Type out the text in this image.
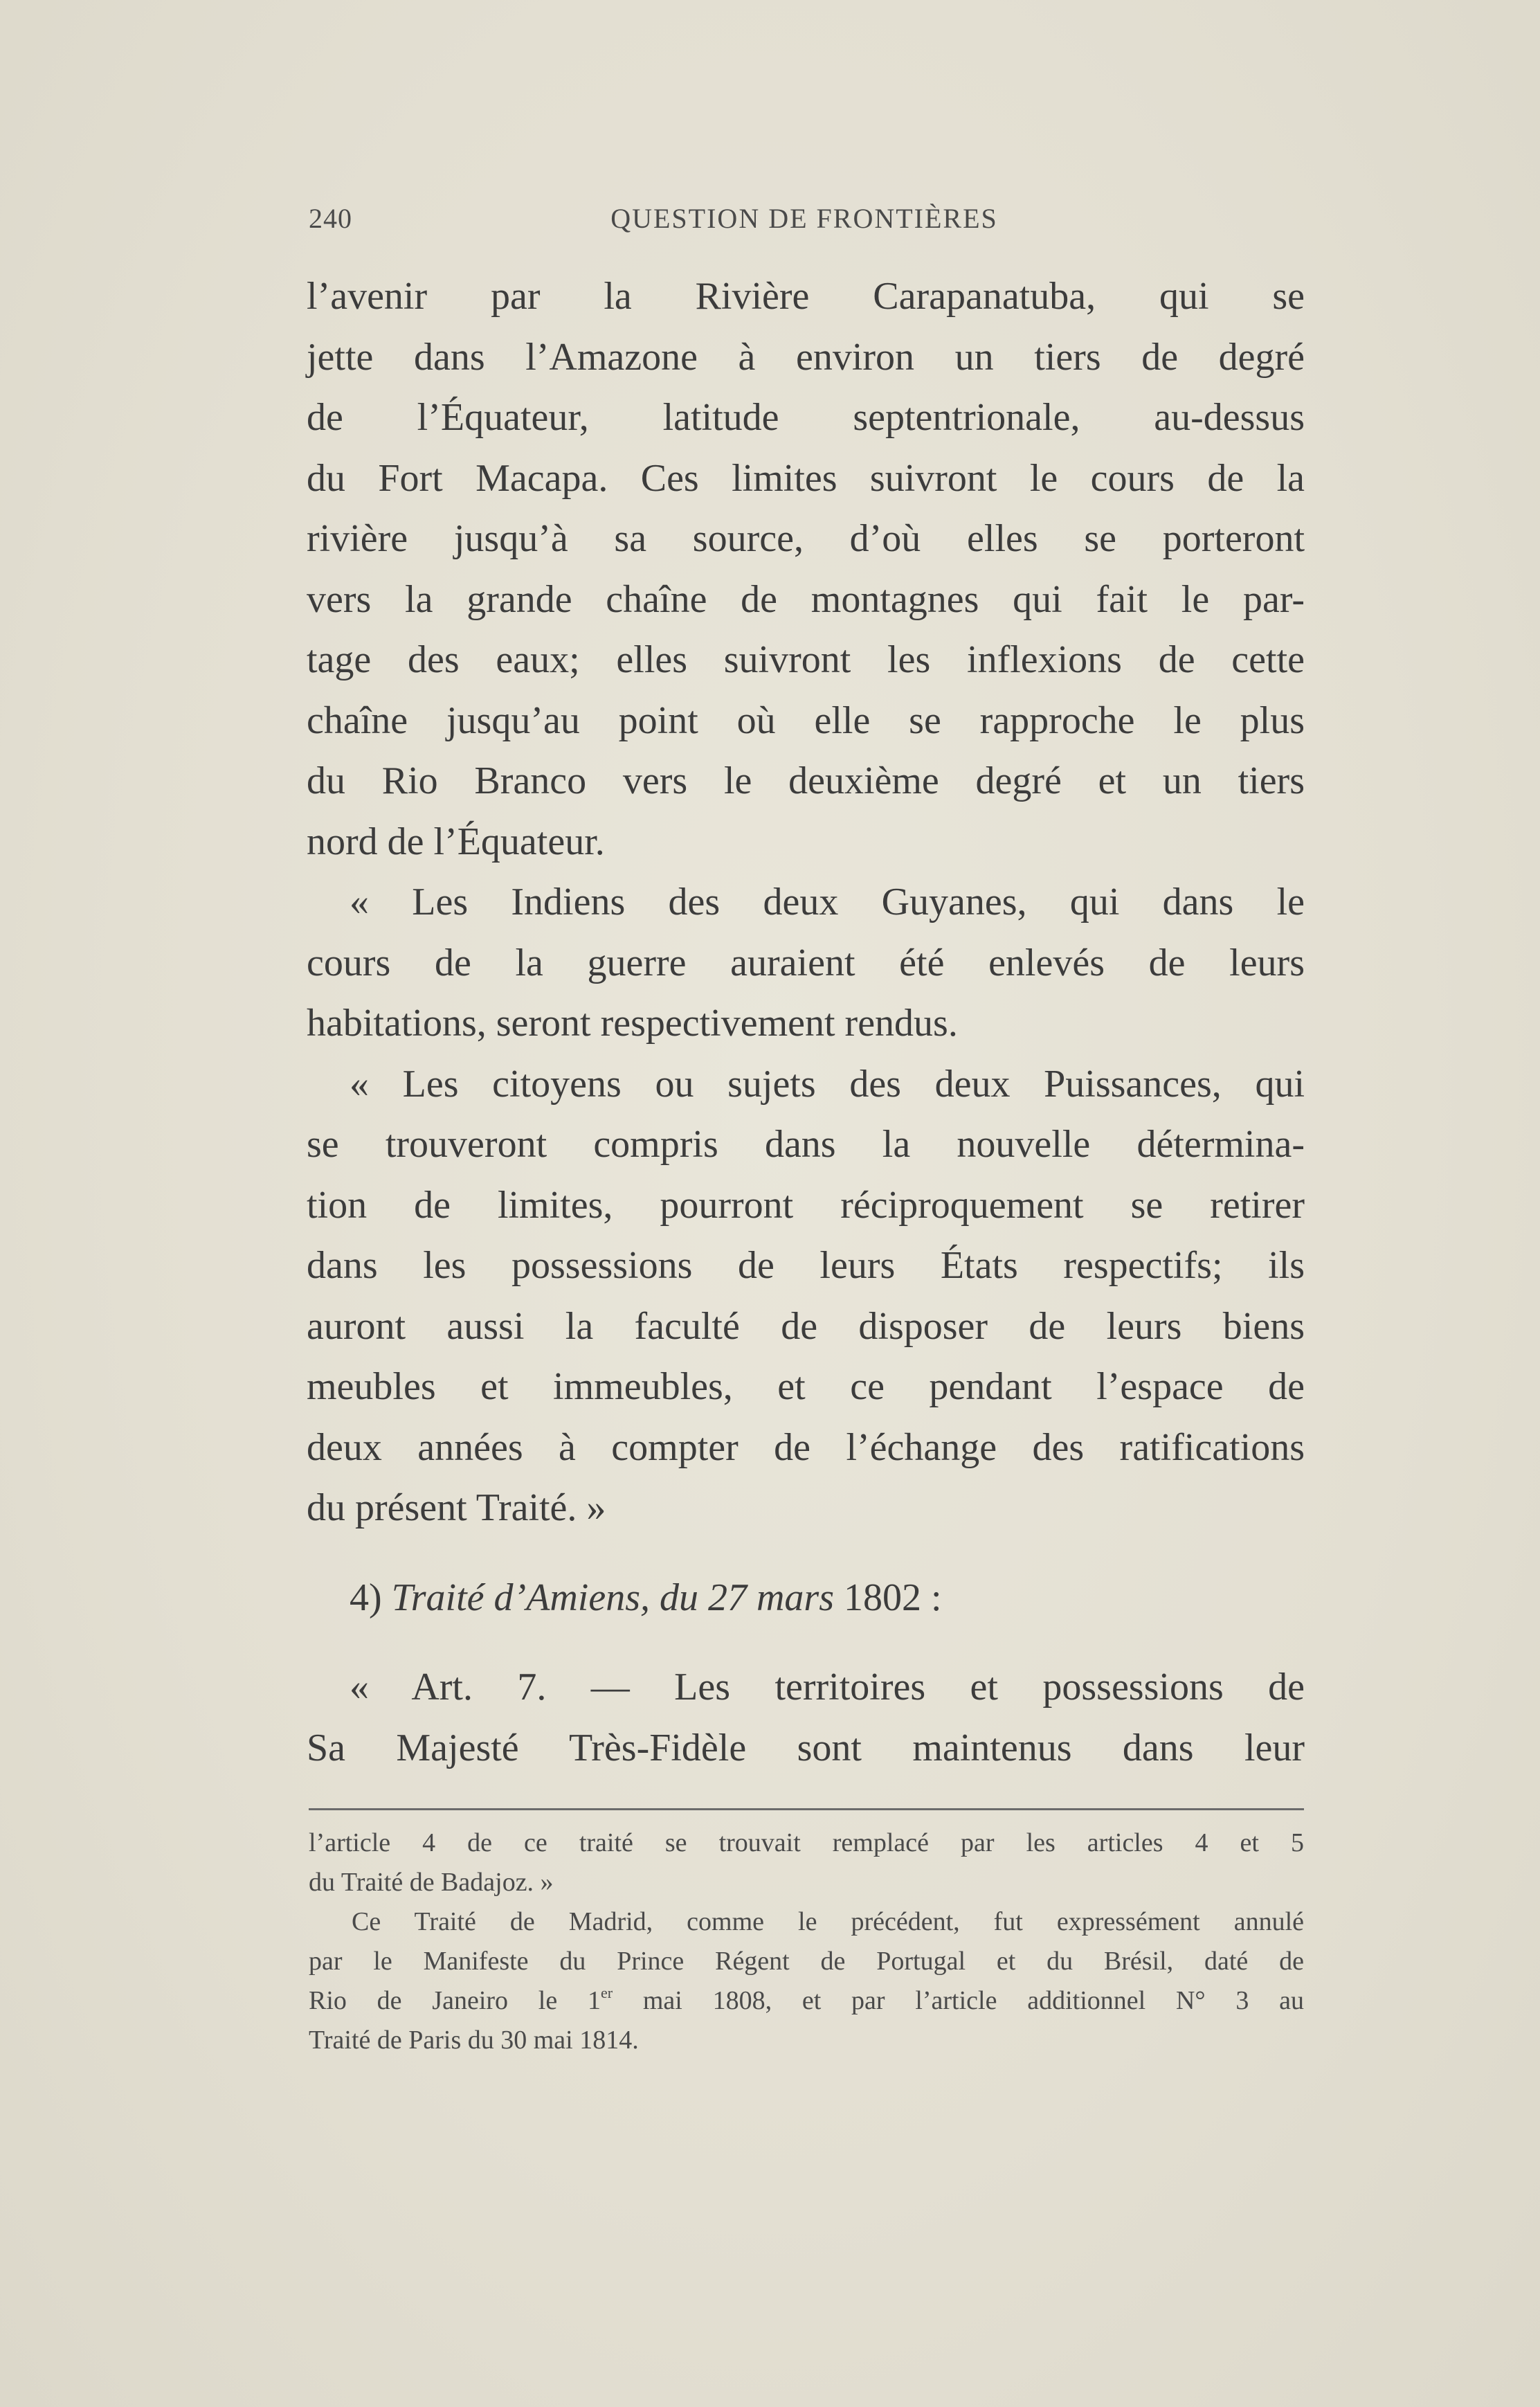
240	QUESTION DE FRONTIÈRES
l’avenir par la Rivière Carapanatuba, qui se
jette dans l’Amazone à environ un tiers de degré
de l’Équateur, latitude septentrionale, au-dessus
du Fort Macapa. Ces limites suivront le cours de la
rivière jusqu’à sa source, d’où elles se porteront
vers la grande chaîne de montagnes qui fait le par-
tage des eaux; elles suivront les inflexions de cette
chaîne jusqu’au point où elle se rapproche le plus
du Rio Branco vers le deuxième degré et un tiers
nord de l’Équateur.
« Les Indiens des deux Guyanes, qui dans le
cours de la guerre auraient été enlevés de leurs
habitations, seront respectivement rendus.
« Les citoyens ou sujets des deux Puissances, qui
se trouveront compris dans la nouvelle détermina-
tion de limites, pourront réciproquement se retirer
dans les possessions de leurs États respectifs; ils
auront aussi la faculté de disposer de leurs biens
meubles et immeubles, et ce pendant l’espace de
deux années à compter de l’échange des ratifications
du présent Traité. »
4) Traité d’Amiens, du 27 mars 1802 :
« Art. 7. — Les territoires et possessions de
Sa Majesté Très-Fidèle sont maintenus dans leur
l’article 4 de ce traité se trouvait remplacé par les articles 4 et 5
du Traité de Badajoz. »
Ce Traité de Madrid, comme le précédent, fut expressément annulé
par le Manifeste du Prince Régent de Portugal et du Brésil, daté de
Rio de Janeiro le 1er mai 1808, et par l’article additionnel N° 3 au
Traité de Paris du 30 mai 1814.
